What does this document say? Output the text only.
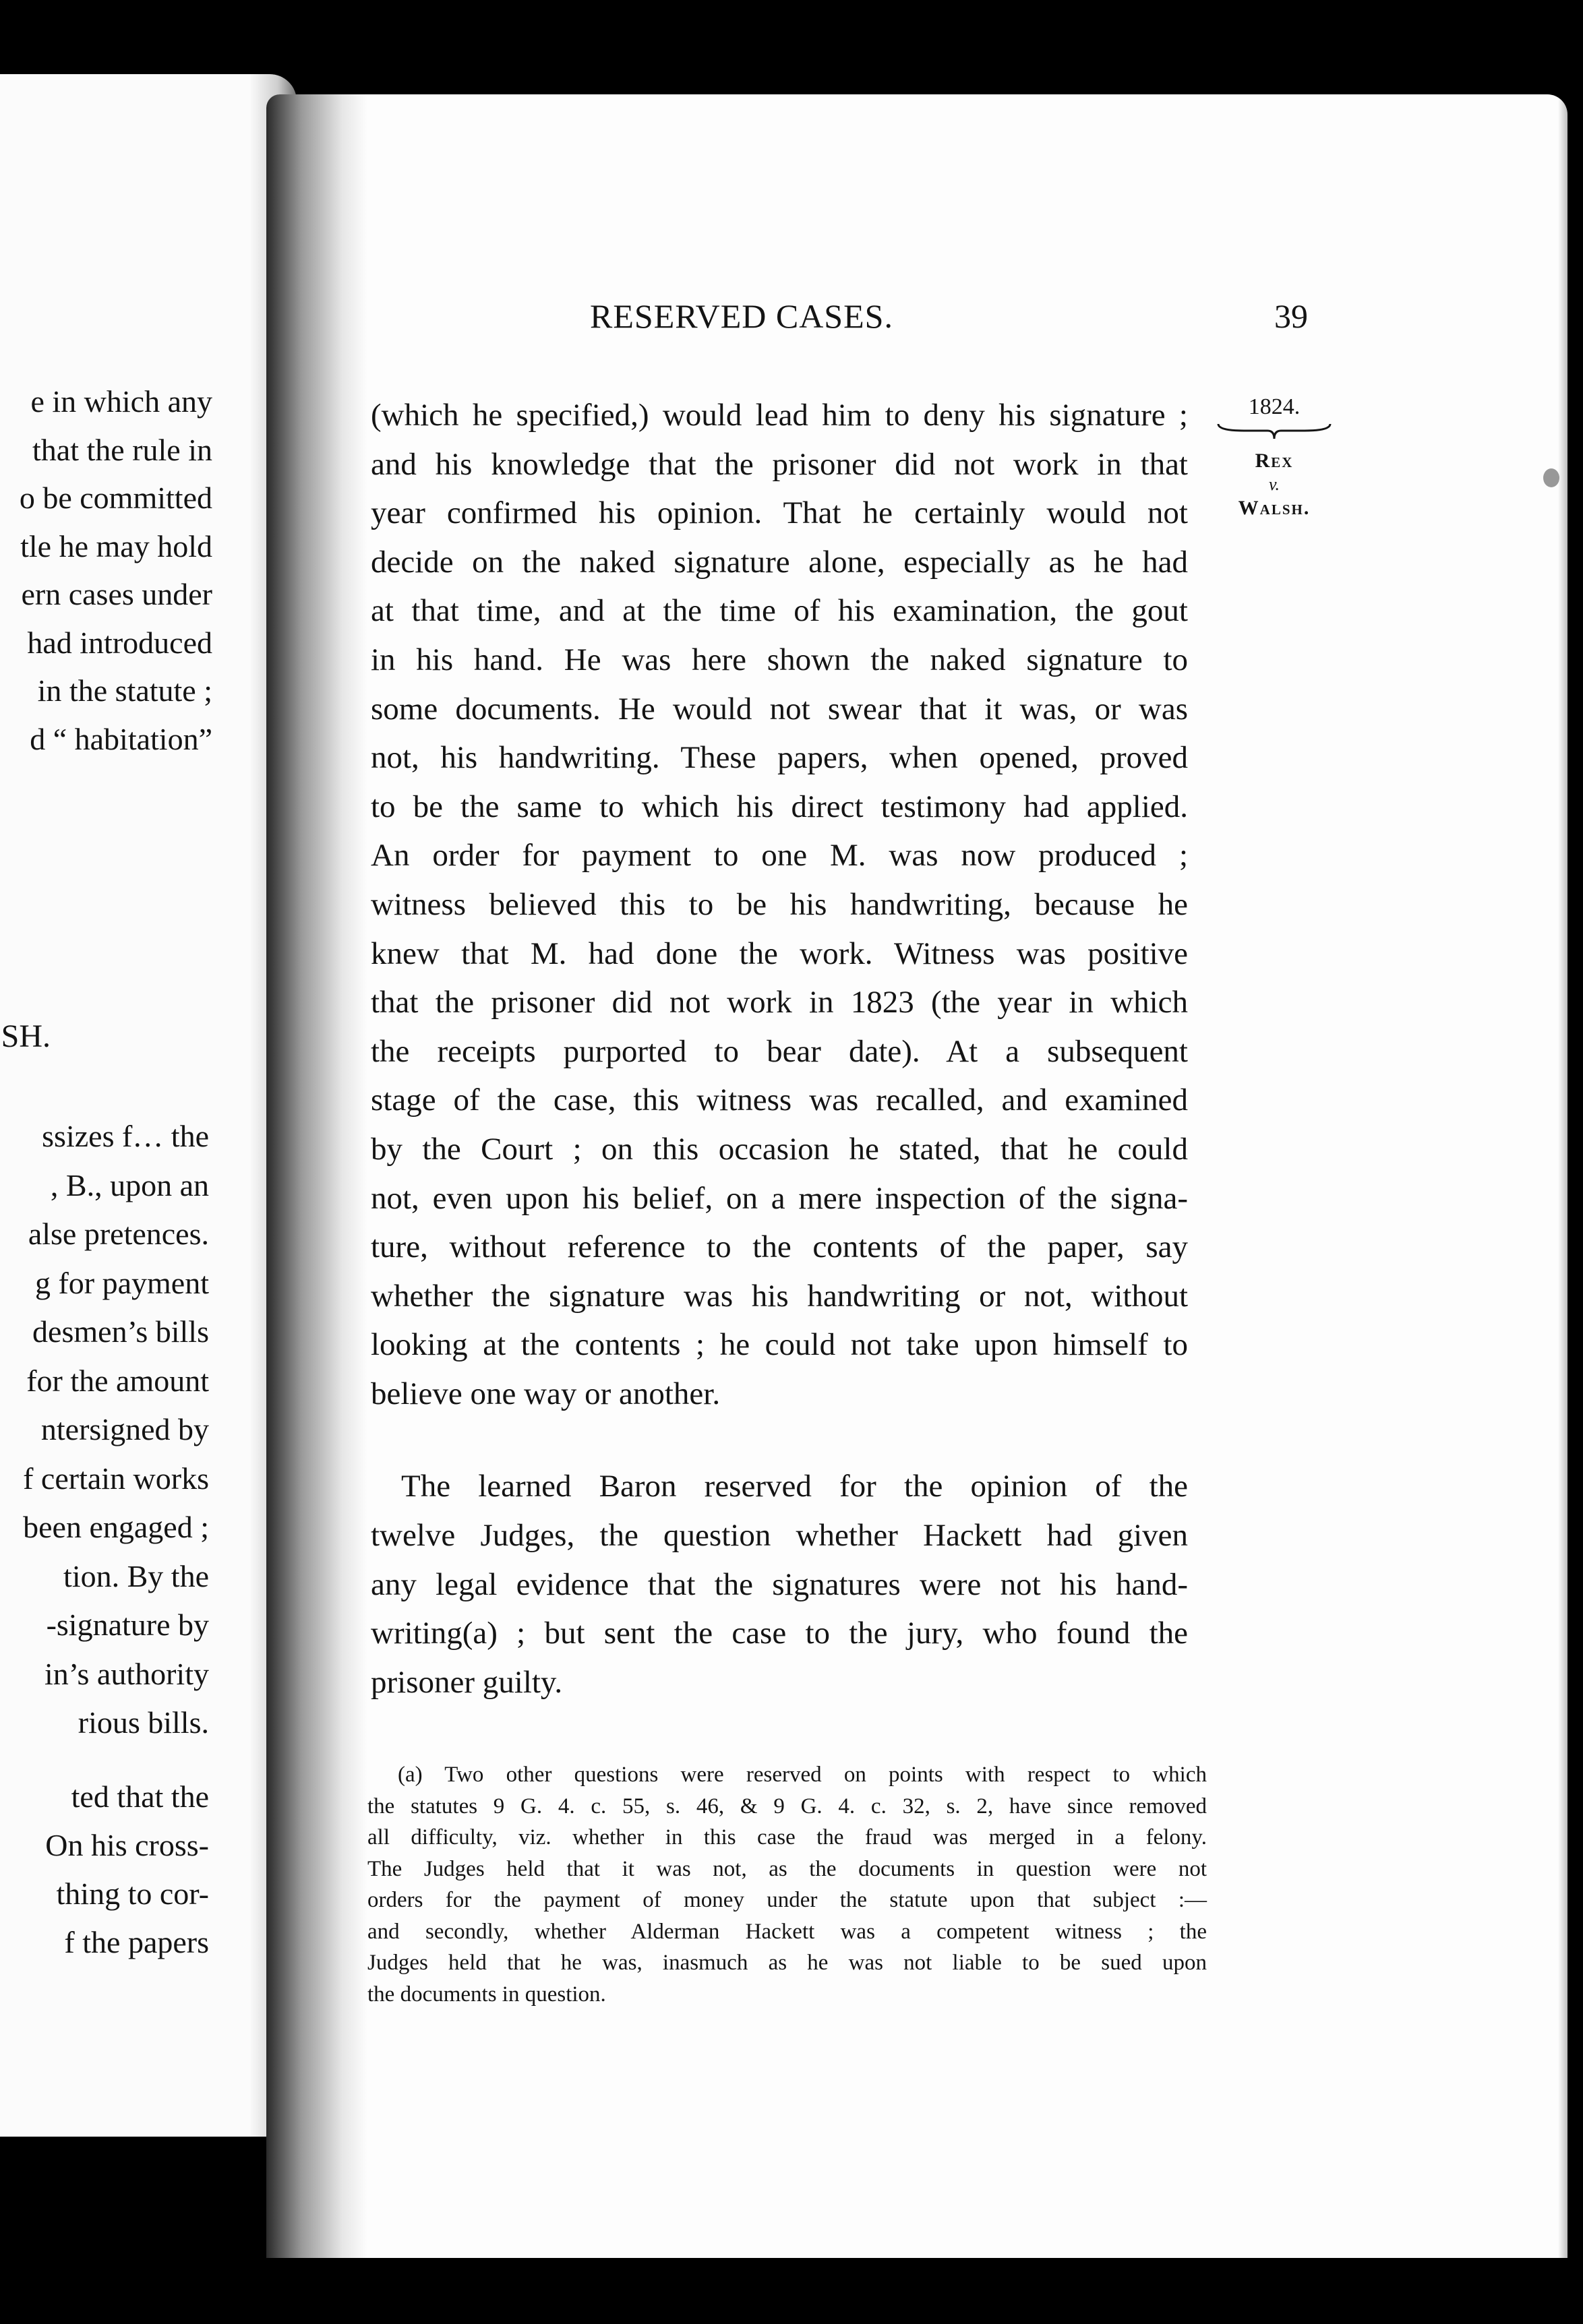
e in which any
that the rule in
o be committed
tle he may hold
ern cases under
had introduced
in the statute ;
d “ habitation”
SH.
ssizes f… the
, B., upon an
alse pretences.
g for payment
desmen’s bills
for the amount
ntersigned by
f certain works
been engaged ;
tion. By the
-signature by
in’s authority
rious bills.
ted that the
On his cross-
thing to cor-
f the papers
RESERVED CASES.	39
1824.
Rex
v.
Walsh.
(which he specified,) would lead him to deny his signature ;
and his knowledge that the prisoner did not work in that
year confirmed his opinion. That he certainly would not
decide on the naked signature alone, especially as he had
at that time, and at the time of his examination, the gout
in his hand. He was here shown the naked signature to
some documents. He would not swear that it was, or was
not, his handwriting. These papers, when opened, proved
to be the same to which his direct testimony had applied.
An order for payment to one M. was now produced ;
witness believed this to be his handwriting, because he
knew that M. had done the work. Witness was positive
that the prisoner did not work in 1823 (the year in which
the receipts purported to bear date). At a subsequent
stage of the case, this witness was recalled, and examined
by the Court ; on this occasion he stated, that he could
not, even upon his belief, on a mere inspection of the signa-
ture, without reference to the contents of the paper, say
whether the signature was his handwriting or not, without
looking at the contents ; he could not take upon himself to
believe one way or another.
The learned Baron reserved for the opinion of the
twelve Judges, the question whether Hackett had given
any legal evidence that the signatures were not his hand-
writing(a) ; but sent the case to the jury, who found the
prisoner guilty.
(a) Two other questions were reserved on points with respect to which
the statutes 9 G. 4. c. 55, s. 46, & 9 G. 4. c. 32, s. 2, have since removed
all difficulty, viz. whether in this case the fraud was merged in a felony.
The Judges held that it was not, as the documents in question were not
orders for the payment of money under the statute upon that subject :—
and secondly, whether Alderman Hackett was a competent witness ; the
Judges held that he was, inasmuch as he was not liable to be sued upon
the documents in question.
